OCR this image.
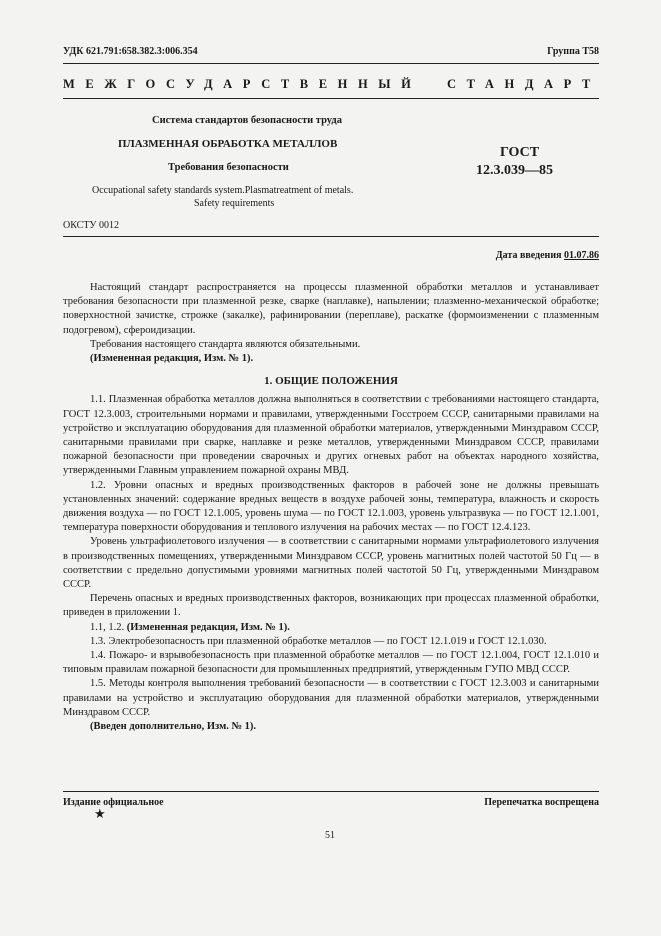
УДК 621.791:658.382.3:006.354	Группа Т58
МЕЖГОСУДАРСТВЕННЫЙ СТАНДАРТ
Система стандартов безопасности труда
ПЛАЗМЕННАЯ ОБРАБОТКА МЕТАЛЛОВ
Требования безопасности
ГОСТ
12.3.039—85
Occupational safety standards system.Plasmatreatment of metals.
Safety requirements
ОКСТУ 0012
Дата введения 01.07.86

Настоящий стандарт распространяется на процессы плазменной обработки металлов и устанавливает требования безопасности при плазменной резке, сварке (наплавке), напылении; плазменно-механической обработке; поверхностной зачистке, строжке (закалке), рафинировании (переплаве), раскатке (формоизменении с плазменным подогревом), сфероидизации.

Требования настоящего стандарта являются обязательными.

(Измененная редакция, Изм. № 1).

1. ОБЩИЕ ПОЛОЖЕНИЯ

1.1. Плазменная обработка металлов должна выполняться в соответствии с требованиями настоящего стандарта, ГОСТ 12.3.003, строительными нормами и правилами, утвержденными Госстроем СССР, санитарными правилами на устройство и эксплуатацию оборудования для плазменной обработки материалов, утвержденными Минздравом СССР, санитарными правилами при сварке, наплавке и резке металлов, утвержденными Минздравом СССР, правилами пожарной безопасности при проведении сварочных и других огневых работ на объектах народного хозяйства, утвержденными Главным управлением пожарной охраны МВД.

1.2. Уровни опасных и вредных производственных факторов в рабочей зоне не должны превышать установленных значений: содержание вредных веществ в воздухе рабочей зоны, температура, влажность и скорость движения воздуха — по ГОСТ 12.1.005, уровень шума — по ГОСТ 12.1.003, уровень ультразвука — по ГОСТ 12.1.001, температура поверхности оборудования и теплового излучения на рабочих местах — по ГОСТ 12.4.123.

Уровень ультрафиолетового излучения — в соответствии с санитарными нормами ультрафиолетового излучения в производственных помещениях, утвержденными Минздравом СССР, уровень магнитных полей частотой 50 Гц — в соответствии с предельно допустимыми уровнями магнитных полей частотой 50 Гц, утвержденными Минздравом СССР.

Перечень опасных и вредных производственных факторов, возникающих при процессах плазменной обработки, приведен в приложении 1.

1.1, 1.2. (Измененная редакция, Изм. № 1).

1.3. Электробезопасность при плазменной обработке металлов — по ГОСТ 12.1.019 и ГОСТ 12.1.030.

1.4. Пожаро- и взрывобезопасность при плазменной обработке металлов — по ГОСТ 12.1.004, ГОСТ 12.1.010 и типовым правилам пожарной безопасности для промышленных предприятий, утвержденным ГУПО МВД СССР.

1.5. Методы контроля выполнения требований безопасности — в соответствии с ГОСТ 12.3.003 и санитарными правилами на устройство и эксплуатацию оборудования для плазменной обработки материалов, утвержденными Минздравом СССР.

(Введен дополнительно, Изм. № 1).

Издание официальное
★
Перепечатка воспрещена
51
